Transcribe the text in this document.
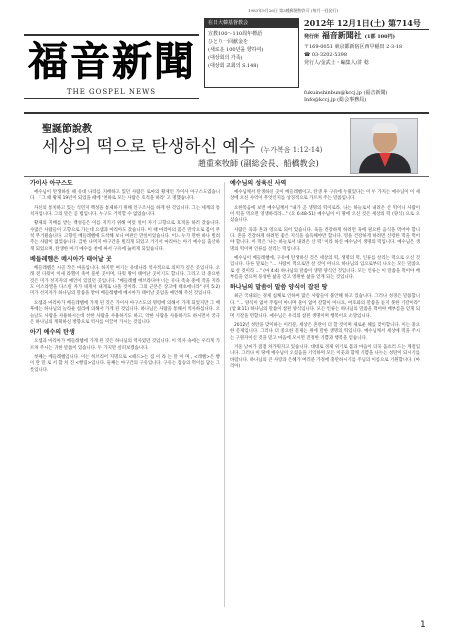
1983年9月26日 第3種郵便物許可 (毎月一回発行)
福音新聞
THE GOSPEL NEWS
在日大韓基督教会
宣教100〜110周年標語
ひとり一回献金を
(새로운 100년을 향하여)
(대상회의 가족)
(대상회 교회의 S.148)
2012年 12月1日(土) 第714号
発行所 福音新聞社 (1部 100円)
〒169-0051 東京都新宿区西早稲田 2-3-18
☎ 03-3202-5398
発行人/金武士・編集人/許 稔
fukuinshinbun@kccj.jp (福音新聞)
Info@kccj.jp (総会事務局)
聖誕節說教
세상의 떡으로 탄생하신 예수 (누가복음 1:12-14)
趙重來牧師 (副総会長、船橋教会)
가이사 아구스도

예수님이 탄생하실 때 유대 나라를 지배하고 있던 사람은 로마의 황제인 가이사 아구스도였습니다. 「그 때 황제 19년이 되었을 때에 '천하로 모든 사람은 호적을 하라' 고 명했습니다.

자신의 통치하고 있는 식민지 백성을 통제하기 위해 인구조사를 하게 한 것입니다. 그는 세계의 통치자입니다. 그의 말은 곧 법입니다. 누구도 거역할 수 없었습니다.

황제의 지배를 받는 백성들은 이를 지키기 위해 여럿 얼이 자기 고향으로 호적을 하러 갔습니다. 수많은 사람들이 고향으로 가는데 요셉과 마리아도 갔습니다. 이 때 마리아의 몸은 만삭으로 몸이 무척 무거웠습니다. 고향인 베들레헴에 도착해 보니 여관은 만실이었습니다. 어느 누가 만한 하나 빌려 주는 사람이 없었습니다. 급한 나머지 마구간을 빌리게 되었고 거기서 마리아는 아기 예수를 출산하게 되었으며, 탄생한 아기 예수를 천에 싸서 구유에 눕히게 되었습니다.

베들레헴은 메시아가 태어날 곳

베들레헴은 시골 작은 마을입니다. 하지만 여기는 유대나라 역사적으로 의미가 깊은 곳입니다. 오래 전 다윗이 이새 라헬이 죽어 묻힌 곳이며, 다윗 왕이 태어난 곳이기도 합니다. 그리고 더 중요한 것은 미가 선지자의 예언이 있었던 곳입니다. "베들레헴 에브라다야 너는 유다 족속 중에 작을 지라도 이스라엘을 다스릴 자가 네게서 내게로 나올 것이라. 그의 근본은 상고에 태초에니라" (미 5:2) 미가 선지자가 하나님의 말씀을 받아 베들레헴에 메시아가 태어날 곳임을 예언해 주신 것입니다.

요셉과 마리아가 베들레헴에 가게 된 것은 가이사 아구스도의 명령에 의해서 가게 되었지만 그 배후에는 하나님의 놀라운 섭리에 의해서 가게 된 것입니다. 하나님은 사람을 통해서 역사하십니다. 오늘날도 사람을 사용하시는데 선한 사람을 사용하기도 하고, 악한 사람을 사용하기도 하시면서 궁극은 하나님의 계획하신 방향으로 역사를 이끌어 가시는 것입니다.

아기 예수의 탄생

요셉과 마리아가 베들레헴에 가게 된 것은 하나님의 역사였던 것입니다. 이 역사 속에는 우리게 가르쳐 주시는 귀한 말씀이 있습니다. 두 가지만 살펴보겠습니다.

첫째는 베들레헴입니다. 이는 히브리어 지명으로 <떼드>는 집 이 라 는 말 이 며 , <레헴>은 빵 이 란 말 로 서 합 쳐 진 <빵집>입니다. 둘째는 마구간의 구유입니다. 구유는 짐승의 먹이를 담는 그릇입니다.

예수님의 성육신 사역

예수님께서 탄생하신 곳이 베들레헴이고, 탄생 후 구유에 누웠었다는 이 두 가지는 예수님이 이 세상에 오신 사역이 무엇인지를 상징적으로 가르쳐 주는 말씀입니다.

요한복음에 보면 예수님께서 "내가 곧 생명의 떡이로라. 나는 하늘로서 내려온 산 떡이니 사람이 이 떡을 먹으면 영생하리라..." (요 6:48-51) 예수님이 이 땅에 오신 것은 세상의 떡 (양식) 으로 오셨습니다.

사람은 육과 혼과 영으로 되어 있습니다. 육을 건강하게 하려면 육에 필요한 음식을 먹어야 합니다. 혼을 건강하게 하려면 좋은 지식을 습득해야만 합니다. 영을 건강하게 하려면 신령한 떡을 먹어야 합니다. 이 떡은 '나는 하늘로서 내려온 산 떡' 이라 하신 예수님이 생명의 떡입니다. 예수님은 생명의 떡이며 인류를 살리는 떡입니다.

예수님이 베들레헴에, 구유에 탄생하신 것은 세상의 떡, 생명의 떡, 인류를 살리는 떡으로 오신 것입니다. 다른 말로는 "... 사람이 먹으로만 살 것이 아니요 하나님의 입으로부터 나오는 모든 말씀으로 살 것이라 ..." (마 4:4) 하나님의 말씀이 생명 양식인 것입니다. 모든 인류는 이 말씀을 먹어야 배부름을 얻으며 풍성한 삶을 얻고 영원한 삶을 얻게 되는 것입니다.

하나님의 말씀이 말씀 양식이 잡된 땅

최근 국내외는 경제 침체로 인하여 많은 사람들이 불안해 하고 있습니다. 그러나 성경은 말씀합니다. "... 양식이 없어 주림이 아니며 물이 없어 갈함이 아니요, 여호와의 말씀을 듣지 못한 기갈이라" (암 8:11) 하나님의 말씀이 참된 양식입니다. 모든 인류는 하나님의 말씀을 먹어야 배부름을 얻게 되며 기갈을 면합니다. 예수님은 우리의 참된 생명이며 행복이요 소망입니다.

2012년 성탄을 맞이하는 이러분, 세상은 혼란이 더 할 것이며 새로운 해를 맞이합니다. 이는 중요한 문제입니다. 그러나 더 중요한 문제는 위에 말한 생명의 떡입니다. 예수님께서 세상에 떡을 주시는 구원자이신 것을 믿고 마음에 모시면 진정한 기쁨과 행복을 얻습니다.

겨울 날씨가 점점 차가워지고 있습니다. 대대로 경제 위기로 몸과 마음이 더욱 움츠러 드는 계절입니다. 그러나 이 땅에 예수님이 오셨음을 기억하며 모든 이웃과 함께 기쁨을 나누는 성탄이 되시기를 바랍니다. 하나님의 큰 사랑과 은혜가 여러분 가정에 충만하시기를 주님의 이름으로 기원합니다. (마리아)

1
